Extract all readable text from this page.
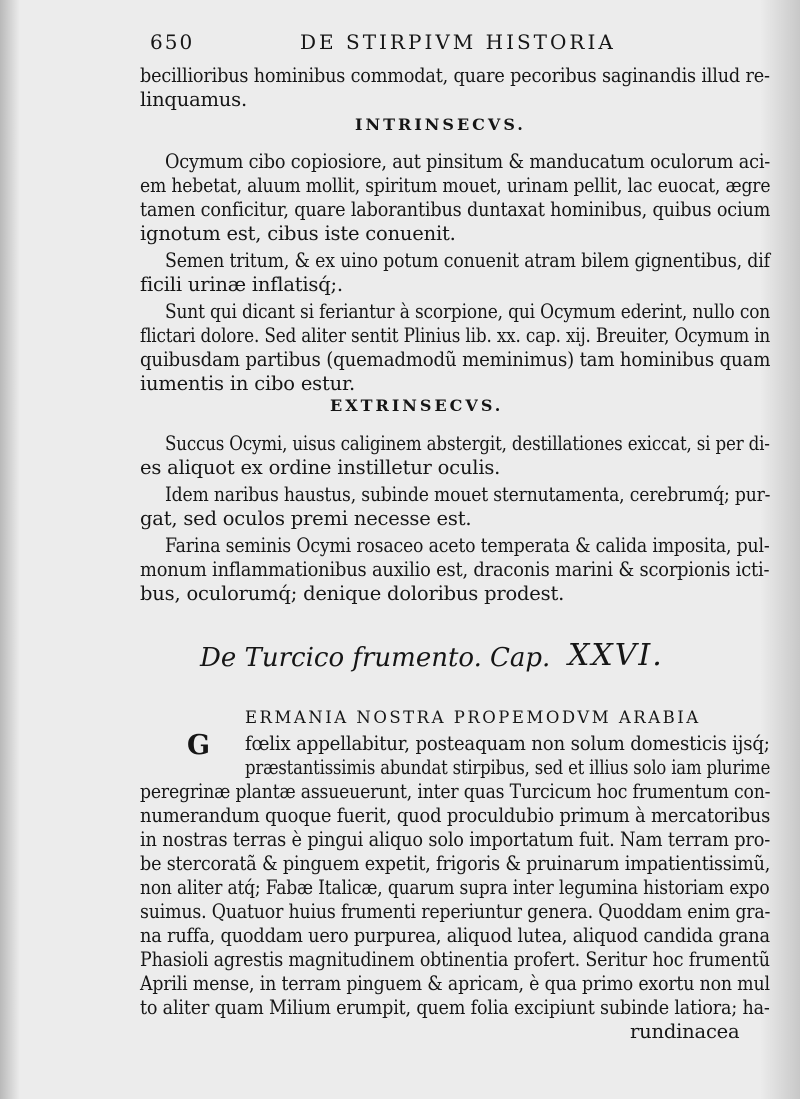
650	DE STIRPIVM HISTORIA
becillioribus hominibus commodat, quare pecoribus saginandis illud re-
linquamus.
INTRINSECVS.
Ocymum cibo copiosiore, aut pinsitum & manducatum oculorum aci-
em hebetat, aluum mollit, spiritum mouet, urinam pellit, lac euocat, ægre
tamen conficitur, quare laborantibus duntaxat hominibus, quibus ocium
ignotum est, cibus iste conuenit.
Semen tritum, & ex uino potum conuenit atram bilem gignentibus, dif
ficili urinæ inflatisq́;.
Sunt qui dicant si feriantur à scorpione, qui Ocymum ederint, nullo con
flictari dolore. Sed aliter sentit Plinius lib. xx. cap. xij. Breuiter, Ocymum in
quibusdam partibus (quemadmodũ meminimus) tam hominibus quam
iumentis in cibo estur.
EXTRINSECVS.
Succus Ocymi, uisus caliginem abstergit, destillationes exiccat, si per di-
es aliquot ex ordine instilletur oculis.
Idem naribus haustus, subinde mouet sternutamenta, cerebrumq́; pur-
gat, sed oculos premi necesse est.
Farina seminis Ocymi rosaceo aceto temperata & calida imposita, pul-
monum inflammationibus auxilio est, draconis marini & scorpionis icti-
bus, oculorumq́; denique doloribus prodest.
De Turcico frumento. Cap. XXVI.
ERMANIA NOSTRA PROPEMODVM ARABIA
G fœlix appellabitur, posteaquam non solum domesticis ijsq́;
præstantissimis abundat stirpibus, sed et illius solo iam plurime
peregrinæ plantæ assueuerunt, inter quas Turcicum hoc frumentum con-
numerandum quoque fuerit, quod proculdubio primum à mercatoribus
in nostras terras è pingui aliquo solo importatum fuit. Nam terram pro-
be stercoratã & pinguem expetit, frigoris & pruinarum impatientissimũ,
non aliter atq́; Fabæ Italicæ, quarum supra inter legumina historiam expo
suimus. Quatuor huius frumenti reperiuntur genera. Quoddam enim gra-
na ruffa, quoddam uero purpurea, aliquod lutea, aliquod candida grana
Phasioli agrestis magnitudinem obtinentia profert. Seritur hoc frumentũ
Aprili mense, in terram pinguem & apricam, è qua primo exortu non mul
to aliter quam Milium erumpit, quem folia excipiunt subinde latiora; ha-
rundinacea
